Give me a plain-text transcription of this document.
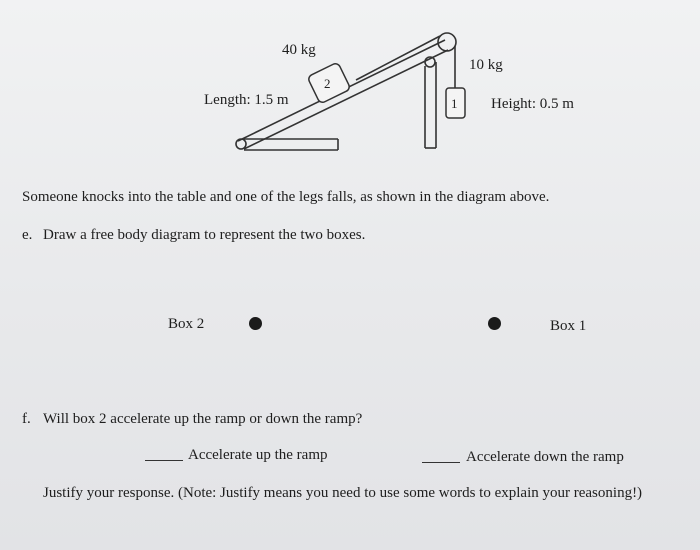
2
1
40 kg
Length: 1.5 m
10 kg
Height: 0.5 m
Someone knocks into the table and one of the legs falls, as shown in the diagram above.
e. Draw a free body diagram to represent the two boxes.
Box 2	Box 1
f. Will box 2 accelerate up the ramp or down the ramp?
Accelerate up the ramp	Accelerate down the ramp
Justify your response. (Note: Justify means you need to use some words to explain your reasoning!)
